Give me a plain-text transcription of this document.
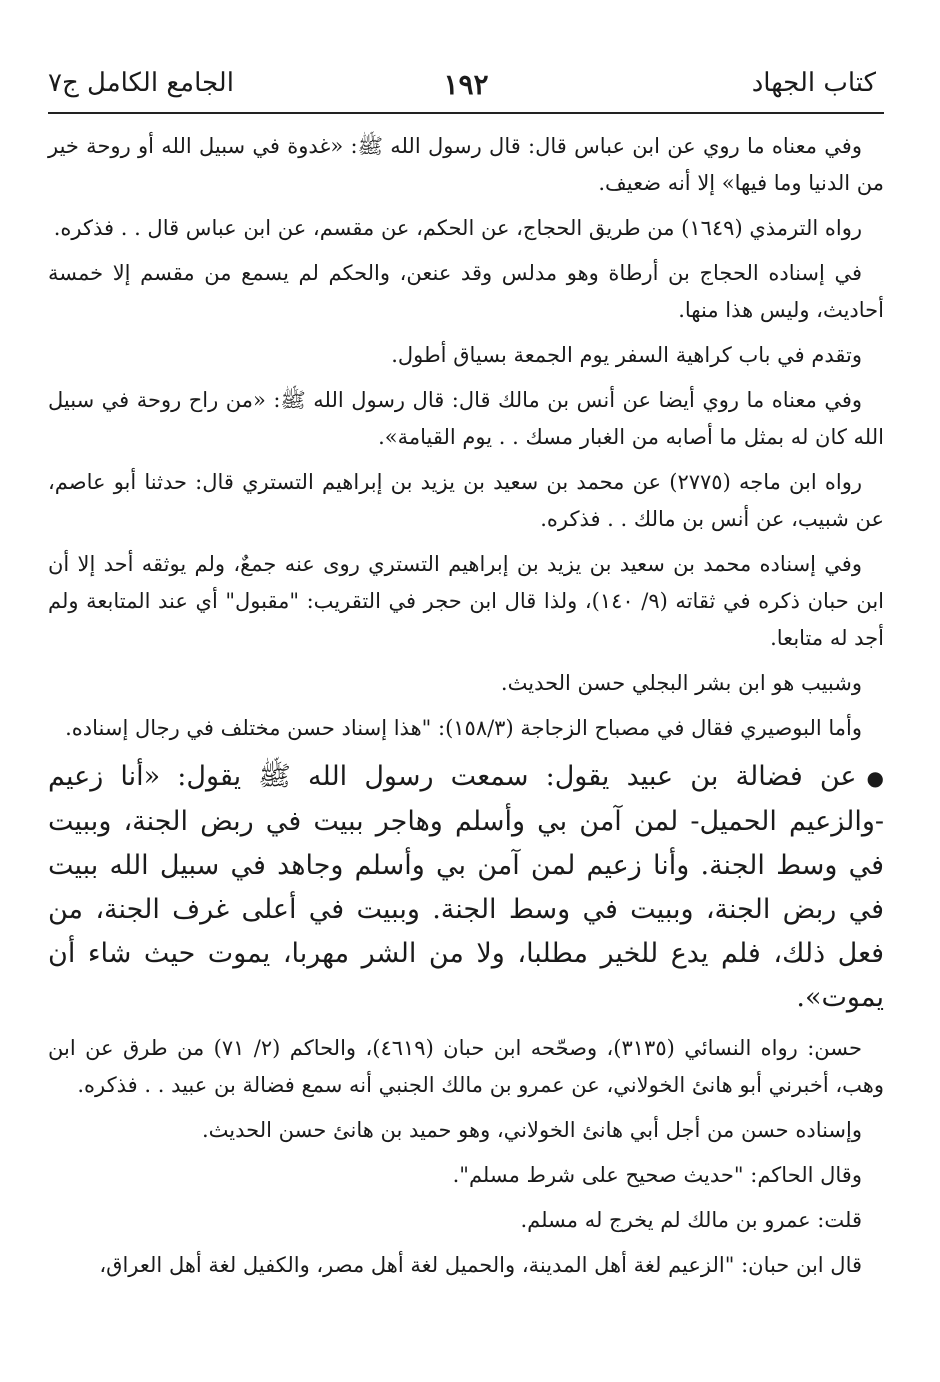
كتاب الجهاد
١٩٢
الجامع الكامل ج٧

وفي معناه ما روي عن ابن عباس قال: قال رسول الله ﷺ: «غدوة في سبيل الله أو روحة خير من الدنيا وما فيها» إلا أنه ضعيف.

رواه الترمذي (١٦٤٩) من طريق الحجاج، عن الحكم، عن مقسم، عن ابن عباس قال . . فذكره.

في إسناده الحجاج بن أرطاة وهو مدلس وقد عنعن، والحكم لم يسمع من مقسم إلا خمسة أحاديث، وليس هذا منها.

وتقدم في باب كراهية السفر يوم الجمعة بسياق أطول.

وفي معناه ما روي أيضا عن أنس بن مالك قال: قال رسول الله ﷺ: «من راح روحة في سبيل الله كان له بمثل ما أصابه من الغبار مسك . . يوم القيامة».

رواه ابن ماجه (٢٧٧٥) عن محمد بن سعيد بن يزيد بن إبراهيم التستري قال: حدثنا أبو عاصم، عن شبيب، عن أنس بن مالك . . فذكره.

وفي إسناده محمد بن سعيد بن يزيد بن إبراهيم التستري روى عنه جمعٌ، ولم يوثقه أحد إلا أن ابن حبان ذكره في ثقاته (٩/ ١٤٠)، ولذا قال ابن حجر في التقريب: "مقبول" أي عند المتابعة ولم أجد له متابعا.

وشبيب هو ابن بشر البجلي حسن الحديث.

وأما البوصيري فقال في مصباح الزجاجة (١٥٨/٣): "هذا إسناد حسن مختلف في رجال إسناده.

●عن فضالة بن عبيد يقول: سمعت رسول الله ﷺ يقول: «أنا زعيم -والزعيم الحميل- لمن آمن بي وأسلم وهاجر ببيت في ربض الجنة، وببيت في وسط الجنة. وأنا زعيم لمن آمن بي وأسلم وجاهد في سبيل الله ببيت في ربض الجنة، وببيت في وسط الجنة. وببيت في أعلى غرف الجنة، من فعل ذلك، فلم يدع للخير مطلبا، ولا من الشر مهربا، يموت حيث شاء أن يموت».

حسن: رواه النسائي (٣١٣٥)، وصحّحه ابن حبان (٤٦١٩)، والحاكم (٢/ ٧١) من طرق عن ابن وهب، أخبرني أبو هانئ الخولاني، عن عمرو بن مالك الجنبي أنه سمع فضالة بن عبيد . . فذكره.

وإسناده حسن من أجل أبي هانئ الخولاني، وهو حميد بن هانئ حسن الحديث.

وقال الحاكم: "حديث صحيح على شرط مسلم".

قلت: عمرو بن مالك لم يخرج له مسلم.

قال ابن حبان: "الزعيم لغة أهل المدينة، والحميل لغة أهل مصر، والكفيل لغة أهل العراق،
